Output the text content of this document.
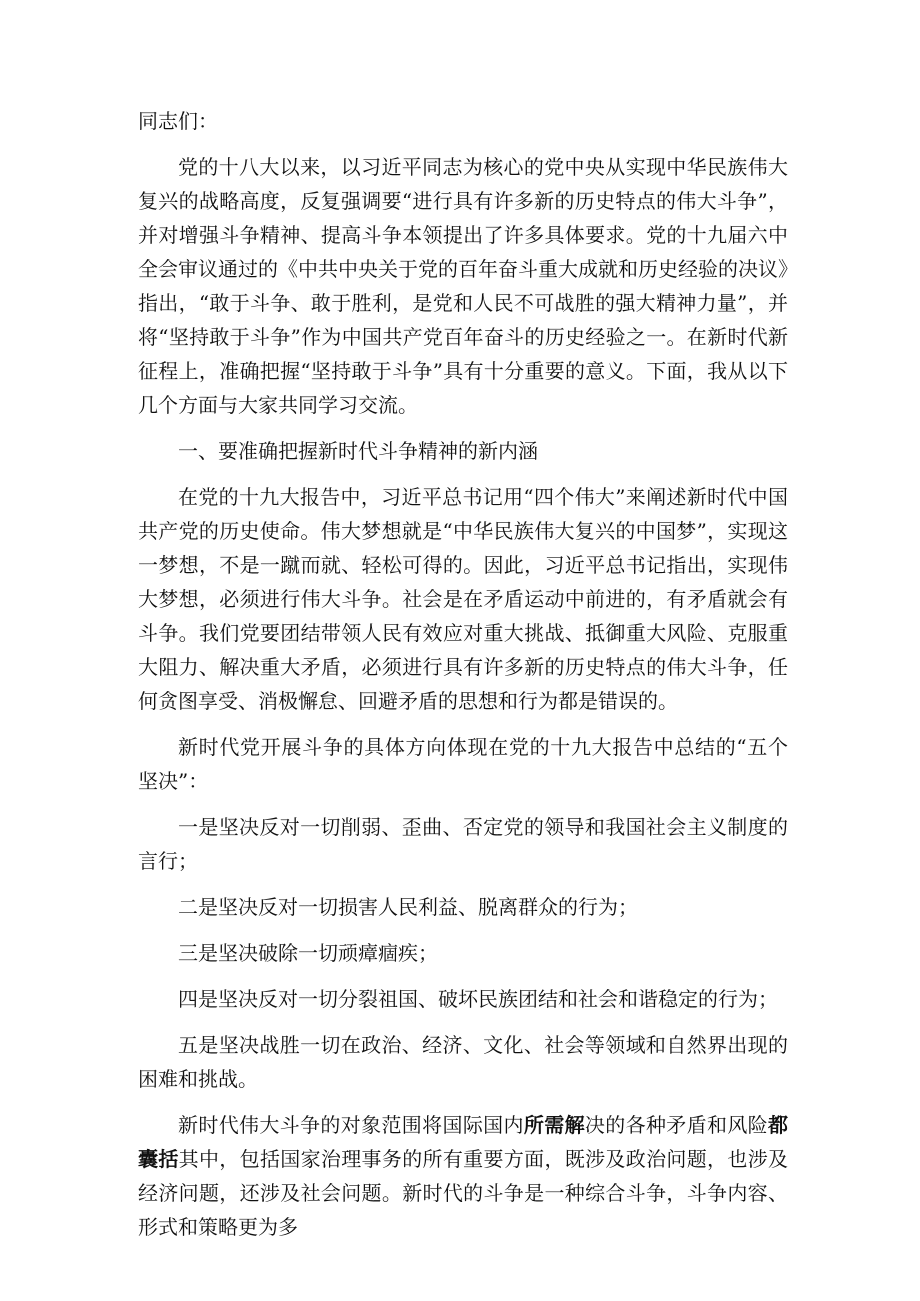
同志们：

党的十八大以来，以习近平同志为核心的党中央从实现中华民族伟大复兴的战略高度，反复强调要“进行具有许多新的历史特点的伟大斗争”，并对增强斗争精神、提高斗争本领提出了许多具体要求。党的十九届六中全会审议通过的《中共中央关于党的百年奋斗重大成就和历史经验的决议》指出，“敢于斗争、敢于胜利，是党和人民不可战胜的强大精神力量”，并将“坚持敢于斗争”作为中国共产党百年奋斗的历史经验之一。在新时代新征程上，准确把握“坚持敢于斗争”具有十分重要的意义。下面，我从以下几个方面与大家共同学习交流。

一、要准确把握新时代斗争精神的新内涵

在党的十九大报告中，习近平总书记用“四个伟大”来阐述新时代中国共产党的历史使命。伟大梦想就是“中华民族伟大复兴的中国梦”，实现这一梦想，不是一蹴而就、轻松可得的。因此，习近平总书记指出，实现伟大梦想，必须进行伟大斗争。社会是在矛盾运动中前进的，有矛盾就会有斗争。我们党要团结带领人民有效应对重大挑战、抵御重大风险、克服重大阻力、解决重大矛盾，必须进行具有许多新的历史特点的伟大斗争，任何贪图享受、消极懈怠、回避矛盾的思想和行为都是错误的。

新时代党开展斗争的具体方向体现在党的十九大报告中总结的“五个坚决”：

一是坚决反对一切削弱、歪曲、否定党的领导和我国社会主义制度的言行；

二是坚决反对一切损害人民利益、脱离群众的行为；

三是坚决破除一切顽瘴痼疾；

四是坚决反对一切分裂祖国、破坏民族团结和社会和谐稳定的行为；

五是坚决战胜一切在政治、经济、文化、社会等领域和自然界出现的困难和挑战。

新时代伟大斗争的对象范围将国际国内所需解决的各种矛盾和风险都囊括其中，包括国家治理事务的所有重要方面，既涉及政治问题，也涉及经济问题，还涉及社会问题。新时代的斗争是一种综合斗争，斗争内容、形式和策略更为多
